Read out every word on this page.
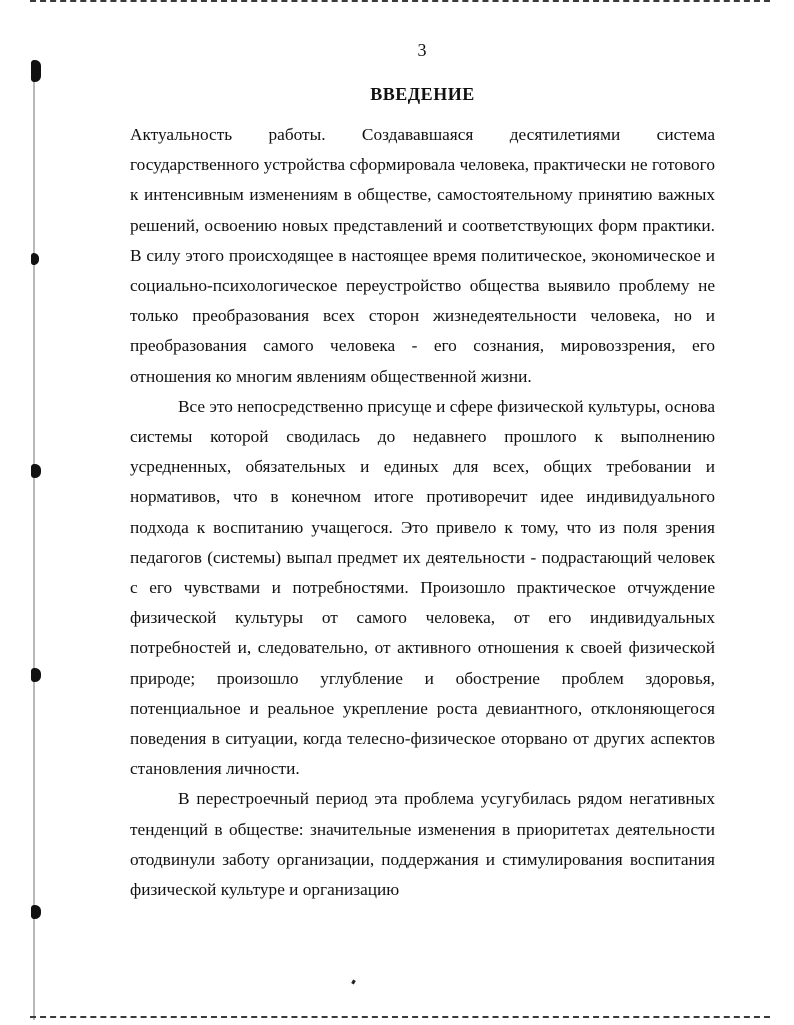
3
ВВЕДЕНИЕ

Актуальность работы. Создававшаяся десятилетиями система государственного устройства сформировала человека, практически не готового к интенсивным изменениям в обществе, самостоятельному принятию важных решений, освоению новых представлений и соответствующих форм практики. В силу этого происходящее в настоящее время политическое, экономическое и социально-психологическое переустройство общества выявило проблему не только преобразования всех сторон жизнедеятельности человека, но и преобразования самого человека - его сознания, мировоззрения, его отношения ко многим явлениям общественной жизни.

Все это непосредственно присуще и сфере физической культуры, основа системы которой сводилась до недавнего прошлого к выполнению усредненных, обязательных и единых для всех, общих требовании и нормативов, что в конечном итоге противоречит идее индивидуального подхода к воспитанию учащегося. Это привело к тому, что из поля зрения педагогов (системы) выпал предмет их деятельности - подрастающий человек с его чувствами и потребностями. Произошло практическое отчуждение физической культуры от самого человека, от его индивидуальных потребностей и, следовательно, от активного отношения к своей физической природе; произошло углубление и обострение проблем здоровья, потенциальное и реальное укрепление роста девиантного, отклоняющегося поведения в ситуации, когда телесно-физическое оторвано от других аспектов становления личности.

В перестроечный период эта проблема усугубилась рядом негативных тенденций в обществе: значительные изменения в приоритетах деятельности отодвинули заботу организации, поддержания и стимулирования воспитания физической культуре и организацию
